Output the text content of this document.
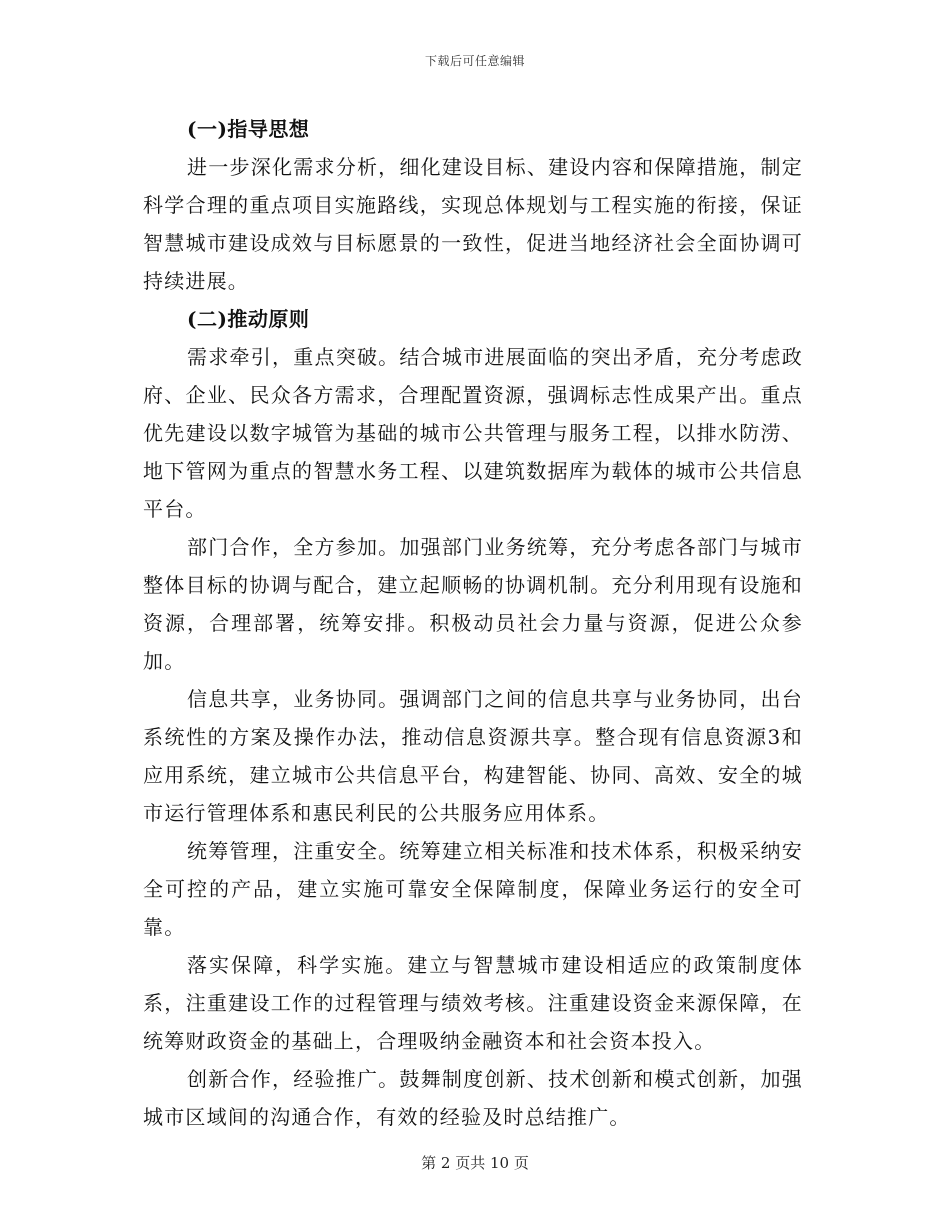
下载后可任意编辑

(一)指导思想

进一步深化需求分析，细化建设目标、建设内容和保障措施，制定科学合理的重点项目实施路线，实现总体规划与工程实施的衔接，保证智慧城市建设成效与目标愿景的一致性，促进当地经济社会全面协调可持续进展。

(二)推动原则

需求牵引，重点突破。结合城市进展面临的突出矛盾，充分考虑政府、企业、民众各方需求，合理配置资源，强调标志性成果产出。重点优先建设以数字城管为基础的城市公共管理与服务工程，以排水防涝、地下管网为重点的智慧水务工程、以建筑数据库为载体的城市公共信息平台。

部门合作，全方参加。加强部门业务统筹，充分考虑各部门与城市整体目标的协调与配合，建立起顺畅的协调机制。充分利用现有设施和资源，合理部署，统筹安排。积极动员社会力量与资源，促进公众参加。

信息共享，业务协同。强调部门之间的信息共享与业务协同，出台系统性的方案及操作办法，推动信息资源共享。整合现有信息资源3和应用系统，建立城市公共信息平台，构建智能、协同、高效、安全的城市运行管理体系和惠民利民的公共服务应用体系。

统筹管理，注重安全。统筹建立相关标准和技术体系，积极采纳安全可控的产品，建立实施可靠安全保障制度，保障业务运行的安全可靠。

落实保障，科学实施。建立与智慧城市建设相适应的政策制度体系，注重建设工作的过程管理与绩效考核。注重建设资金来源保障，在统筹财政资金的基础上，合理吸纳金融资本和社会资本投入。

创新合作，经验推广。鼓舞制度创新、技术创新和模式创新，加强城市区域间的沟通合作，有效的经验及时总结推广。

第 2 页共 10 页
